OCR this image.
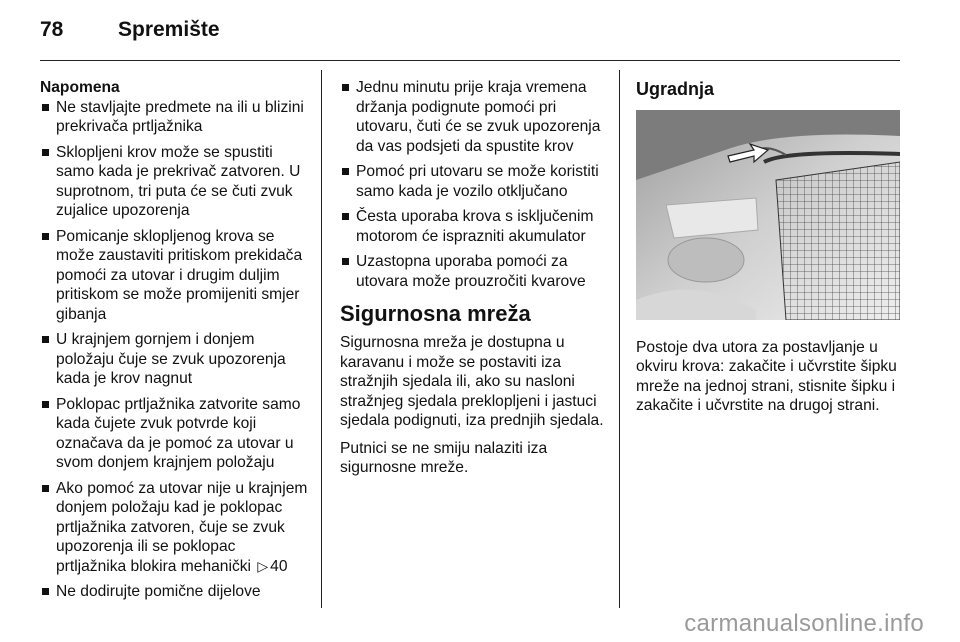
78	Spremište
Napomena
Ne stavljajte predmete na ili u blizini prekrivača prtljažnika
Sklopljeni krov može se spustiti samo kada je prekrivač zatvoren. U suprotnom, tri puta će se čuti zvuk zujalice upozorenja
Pomicanje sklopljenog krova se može zaustaviti pritiskom prekidača pomoći za utovar i drugim duljim pritiskom se može promijeniti smjer gibanja
U krajnjem gornjem i donjem položaju čuje se zvuk upozorenja kada je krov nagnut
Poklopac prtljažnika zatvorite samo kada čujete zvuk potvrde koji označava da je pomoć za utovar u svom donjem krajnjem položaju
Ako pomoć za utovar nije u krajnjem donjem položaju kad je poklopac prtljažnika zatvoren, čuje se zvuk upozorenja ili se poklopac prtljažnika blokira mehanički ▷ 40
Ne dodirujte pomične dijelove
Jednu minutu prije kraja vremena držanja podignute pomoći pri utovaru, čuti će se zvuk upozorenja da vas podsjeti da spustite krov
Pomoć pri utovaru se može koristiti samo kada je vozilo otključano
Česta uporaba krova s isključenim motorom će isprazniti akumulator
Uzastopna uporaba pomoći za utovara može prouzročiti kvarove
Sigurnosna mreža

Sigurnosna mreža je dostupna u karavanu i može se postaviti iza stražnjih sjedala ili, ako su nasloni stražnjeg sjedala preklopljeni i jastuci sjedala podignuti, iza prednjih sjedala.

Putnici se ne smiju nalaziti iza sigurnosne mreže.

Ugradnja

Postoje dva utora za postavljanje u okviru krova: zakačite i učvrstite šipku mreže na jednoj strani, stisnite šipku i zakačite i učvrstite na drugoj strani.

carmanualsonline.info
